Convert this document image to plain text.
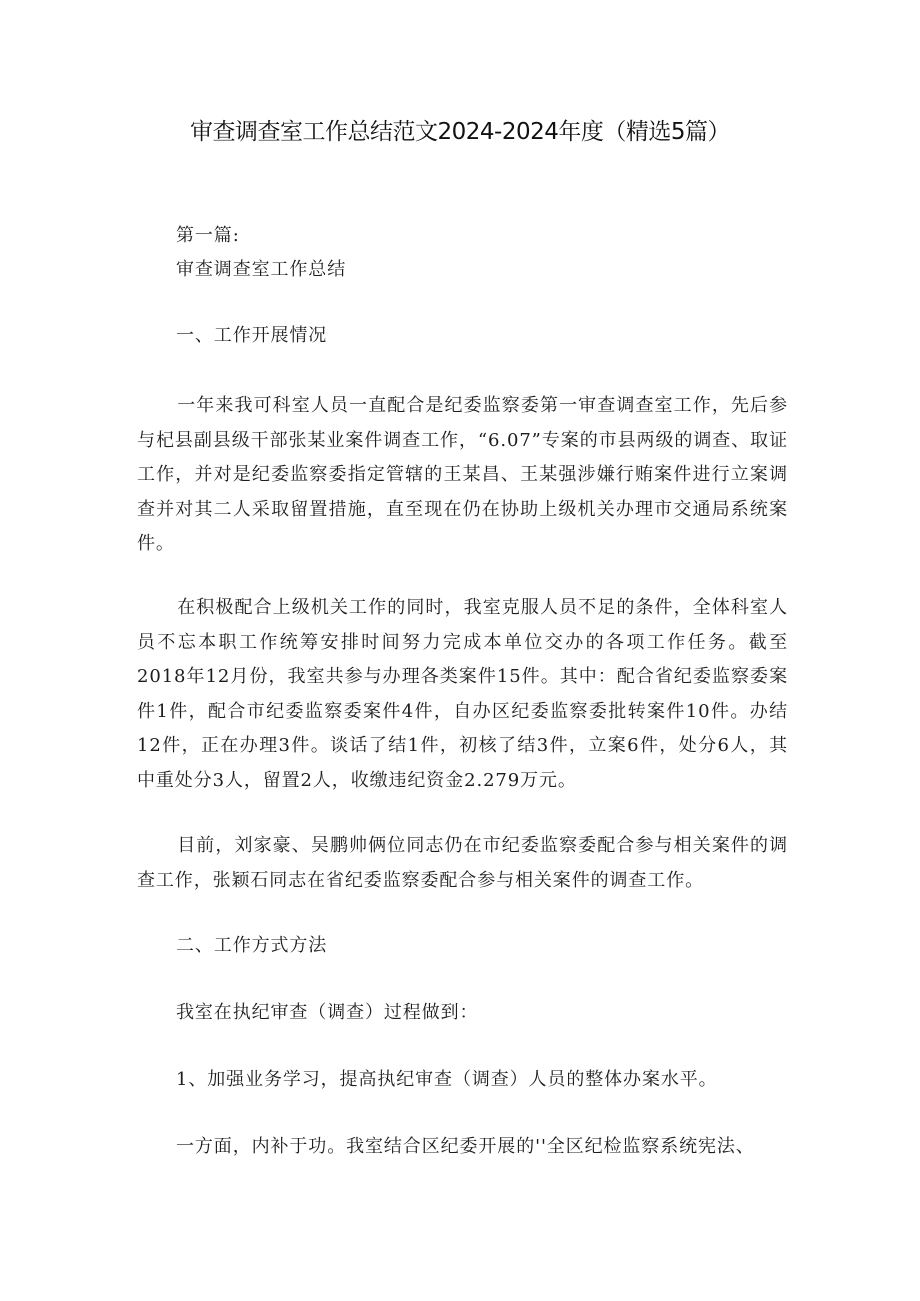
审查调查室工作总结范文2024-2024年度（精选5篇）
第一篇:
审查调查室工作总结
一、工作开展情况
一年来我可科室人员一直配合是纪委监察委第一审查调查室工作，先后参与杞县副县级干部张某业案件调查工作，“6.07”专案的市县两级的调查、取证工作，并对是纪委监察委指定管辖的王某昌、王某强涉嫌行贿案件进行立案调查并对其二人采取留置措施，直至现在仍在协助上级机关办理市交通局系统案件。
在积极配合上级机关工作的同时，我室克服人员不足的条件，全体科室人员不忘本职工作统筹安排时间努力完成本单位交办的各项工作任务。截至2018年12月份，我室共参与办理各类案件15件。其中：配合省纪委监察委案件1件，配合市纪委监察委案件4件，自办区纪委监察委批转案件10件。办结12件，正在办理3件。谈话了结1件，初核了结3件，立案6件，处分6人，其中重处分3人，留置2人，收缴违纪资金2.279万元。
目前，刘家豪、吴鹏帅俩位同志仍在市纪委监察委配合参与相关案件的调查工作，张颖石同志在省纪委监察委配合参与相关案件的调查工作。
二、工作方式方法
我室在执纪审查（调查）过程做到：
1、加强业务学习，提高执纪审查（调查）人员的整体办案水平。
一方面，内补于功。我室结合区纪委开展的''全区纪检监察系统宪法、
